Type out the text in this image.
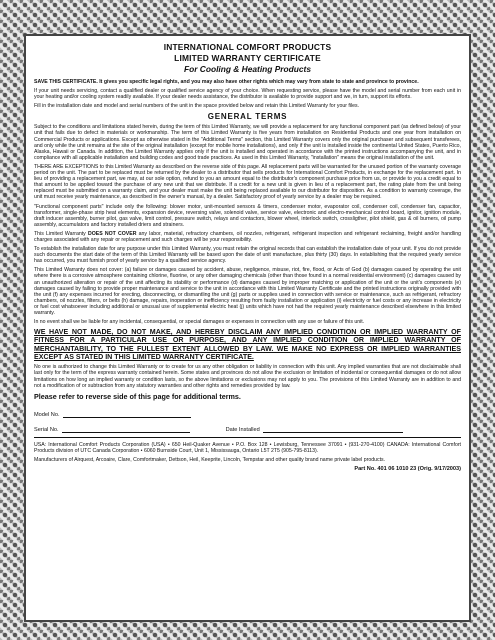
INTERNATIONAL COMFORT PRODUCTS
LIMITED WARRANTY CERTIFICATE
For Cooling & Heating Products

SAVE THIS CERTIFICATE. It gives you specific legal rights, and you may also have other rights which may vary from state to state and province to province.

If your unit needs servicing, contact a qualified dealer or qualified service agency of your choice. When requesting service, please have the model and serial number from each unit in your heating and/or cooling system readily available. If your dealer needs assistance, the distributor is available to provide support and we, in turn, support its efforts.

Fill in the installation date and model and serial numbers of the unit in the space provided below and retain this Limited Warranty for your files.

GENERAL TERMS

Subject to the conditions and limitations stated herein, during the term of this Limited Warranty, we will provide a replacement for any functional component part (as defined below) of your unit that fails due to defect in materials or workmanship. The term of this Limited Warranty is five years from installation on Residential Products and one year from installation on Commercial Products or applications. Except as otherwise stated in the "Additional Terms" section, this Limited Warranty covers only the original purchaser and subsequent transferees, and only while the unit remains at the site of the original installation (except for mobile home installations), and only if the unit is installed inside the continental United States, Puerto Rico, Alaska, Hawaii or Canada. In addition, the Limited Warranty applies only if the unit is installed and operated in accordance with the printed instructions accompanying the unit, and in compliance with all applicable installation and building codes and good trade practices. As used in this Limited Warranty, "installation" means the original installation of the unit.

THERE ARE EXCEPTIONS to this Limited Warranty as described on the reverse side of this page. All replacement parts will be warranted for the unused portion of the warranty coverage period on the unit. The part to be replaced must be returned by the dealer to a distributor that sells products for International Comfort Products, in exchange for the replacement part. In lieu of providing a replacement part, we may, at our sole option, refund to you an amount equal to the distributor's component purchase price from us, or provide to you a credit equal to that amount to be applied toward the purchase of any new unit that we distribute. If a credit for a new unit is given in lieu of a replacement part, the rating plate from the unit being replaced must be submitted on a warranty claim, and your dealer must make the unit being replaced available to our distributor for disposition. As a condition to warranty coverage, the unit must receive yearly maintenance, as described in the owner's manual, by a dealer. Satisfactory proof of yearly service by a dealer may be required.

"Functional component parts" include only the following: blower motor, unit-mounted sensors & timers, condenser motor, evaporator coil, condenser coil, condenser fan, capacitor, transformer, single-phase strip heat elements, expansion device, reversing valve, solenoid valve, service valve, electronic and electro-mechanical control board, ignitor, ignition module, draft inducer assembly, burner pilot, gas valve, limit control, pressure switch, relays and contactors, blower wheel, interlock switch, crossligther, pilot shield, gas & oil burners, oil pump assembly, accumulators and factory installed driers and strainers.

This Limited Warranty DOES NOT COVER any labor, material, refractory chambers, oil nozzles, refrigerant, refrigerant inspection and refrigerant reclaiming, freight and/or handling charges associated with any repair or replacement and such charges will be your responsibility.

To establish the installation date for any purpose under this Limited Warranty, you must retain the original records that can establish the installation date of your unit. If you do not provide such documents the start date of the term of this Limited Warranty will be based upon the date of unit manufacture, plus thirty (30) days. In establishing that the required yearly service has occurred, you must furnish proof of yearly service by a qualified service agency.

This Limited Warranty does not cover: (a) failure or damages caused by accident, abuse, negligence, misuse, riot, fire, flood, or Acts of God (b) damages caused by operating the unit where there is a corrosive atmosphere containing chlorine, fluorine, or any other damaging chemicals (other than those found in a normal residential environment) (c) damages caused by an unauthorized alteration or repair of the unit affecting its stability or performance (d) damages caused by improper matching or application of the unit or the unit's components (e) damages caused by failing to provide proper maintenance and service to the unit in accordance with this Limited Warranty Certificate and the printed instructions originally provided with the unit (f) any expenses incurred for erecting, disconnecting, or dismantling the unit (g) parts or supplies used in connection with service or maintenance, such as refrigerant, refractory chambers, oil nozzles, filters, or belts (h) damage, repairs, inoperation or inefficiency resulting from faulty installation or application (i) electricity or fuel costs or any increase in electricity or fuel cost whatsoever including additional or unusual use of supplemental electric heat (j) units which have not had the required yearly maintenance described elsewhere in this limited warranty.

In no event shall we be liable for any incidental, consequential, or special damages or expenses in connection with any use or failure of this unit.

WE HAVE NOT MADE, DO NOT MAKE, AND HEREBY DISCLAIM ANY IMPLIED CONDITION OR IMPLIED WARRANTY OF FITNESS FOR A PARTICULAR USE OR PURPOSE, AND ANY IMPLIED CONDITION OR IMPLIED WARRANTY OF MERCHANTABILITY, TO THE FULLEST EXTENT ALLOWED BY LAW. WE MAKE NO EXPRESS OR IMPLIED WARRANTIES EXCEPT AS STATED IN THIS LIMITED WARRANTY CERTIFICATE.

No one is authorized to change this Limited Warranty or to create for us any other obligation or liability in connection with this unit. Any implied warranties that are not disclaimable shall last only for the term of the express warranty contained herein. Some states and provinces do not allow the exclusion or limitation of incidental or consequential damages or do not allow limitations on how long an implied warranty or condition lasts, so the above limitations or exclusions may not apply to you. The provisions of this Limited Warranty are in addition to and not a modification of or subtraction from any statutory warranties and other rights and remedies provided by law.

Please refer to reverse side of this page for additional terms.
Model No.
Serial No.	Date Installed

USA: International Comfort Products Corporation (USA) • 650 Heil-Quaker Avenue • P.O. Box 128 • Lewisburg, Tennessee 37091 • (931-270-4100) CANADA: International Comfort Products division of UTC Canada Corporation • 6060 Burnside Court, Unit 1, Mississauga, Ontario L5T 2T5 (905-795-8113).

Manufacturers of Airquest, Arcoaire, Clare, Comfortmaker, Dettson, Heil, Keeprite, Lincoln, Tempstar and other quality brand name private label products.

Part No. 401 06 1010 23 (Orig. 9/17/2003)
